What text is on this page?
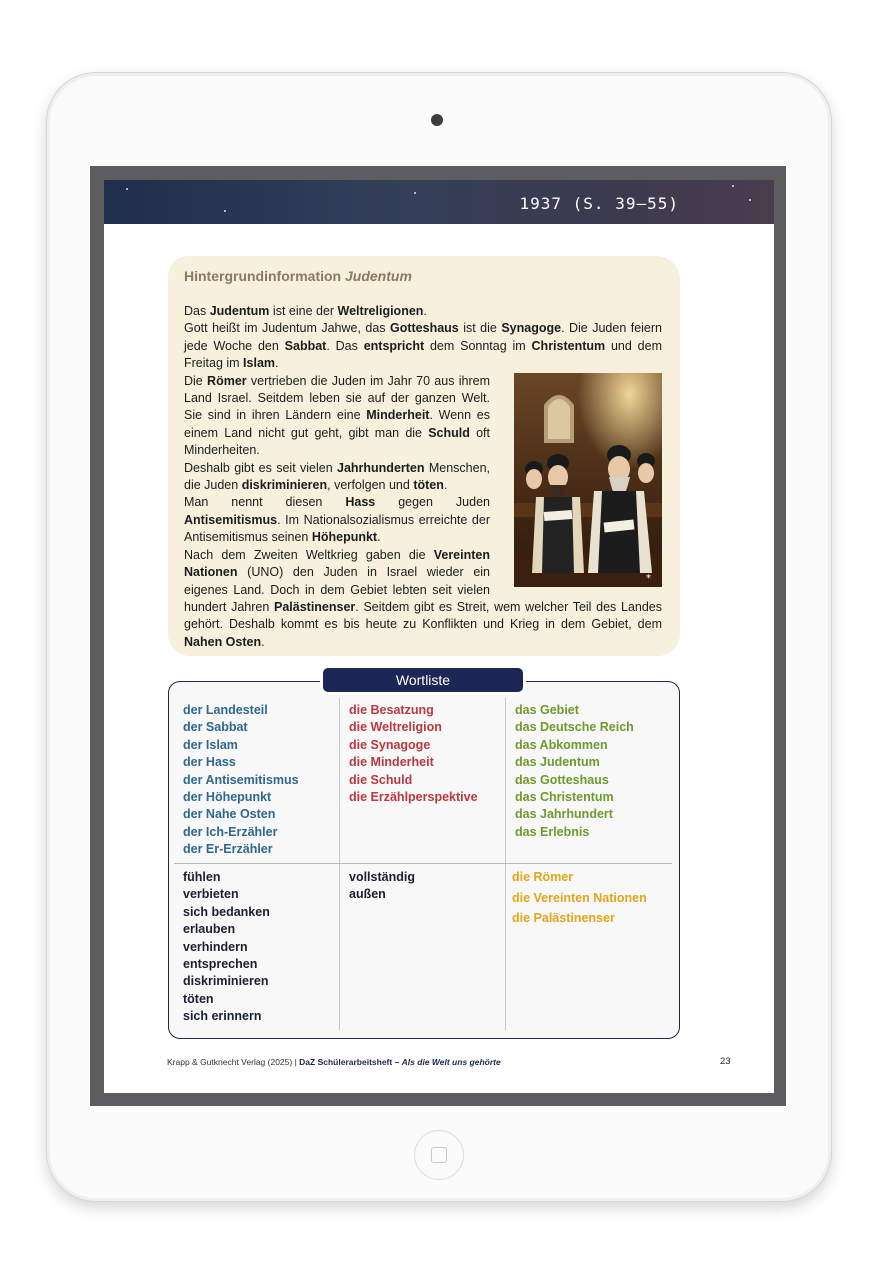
1937 (S. 39–55)
Hintergrundinformation Judentum
Das Judentum ist eine der Weltreligionen.
Gott heißt im Judentum Jahwe, das Gotteshaus ist die Synagoge. Die Juden feiern jede Woche den Sabbat. Das entspricht dem Sonntag im Christentum und dem Freitag im Islam.
*
Die Römer vertrieben die Juden im Jahr 70 aus ihrem Land Israel. Seitdem leben sie auf der ganzen Welt. Sie sind in ihren Ländern eine Minderheit. Wenn es einem Land nicht gut geht, gibt man die Schuld oft Minderheiten.
Deshalb gibt es seit vielen Jahrhunderten Menschen, die Juden diskriminieren, verfolgen und töten.
Man nennt diesen Hass gegen Juden Antisemitismus. Im Nationalsozialismus erreichte der Antisemitismus seinen Höhepunkt.
Nach dem Zweiten Weltkrieg gaben die Vereinten Nationen (UNO) den Juden in Israel wieder ein eigenes Land. Doch in dem Gebiet lebten seit vielen hundert Jahren Palästinenser. Seitdem gibt es Streit, wem welcher Teil des Landes gehört. Deshalb kommt es bis heute zu Konflikten und Krieg in dem Gebiet, dem Nahen Osten.
Wortliste
der Landesteil
der Sabbat
der Islam
der Hass
der Antisemitismus
der Höhepunkt
der Nahe Osten
der Ich-Erzähler
der Er-Erzähler
die Besatzung
die Weltreligion
die Synagoge
die Minderheit
die Schuld
die Erzählperspektive
das Gebiet
das Deutsche Reich
das Abkommen
das Judentum
das Gotteshaus
das Christentum
das Jahrhundert
das Erlebnis
fühlen
verbieten
sich bedanken
erlauben
verhindern
entsprechen
diskriminieren
töten
sich erinnern
vollständig
außen
die Römer
die Vereinten Nationen
die Palästinenser
Krapp & Gutknecht Verlag (2025) | DaZ Schülerarbeitsheft – Als die Welt uns gehörte	23
